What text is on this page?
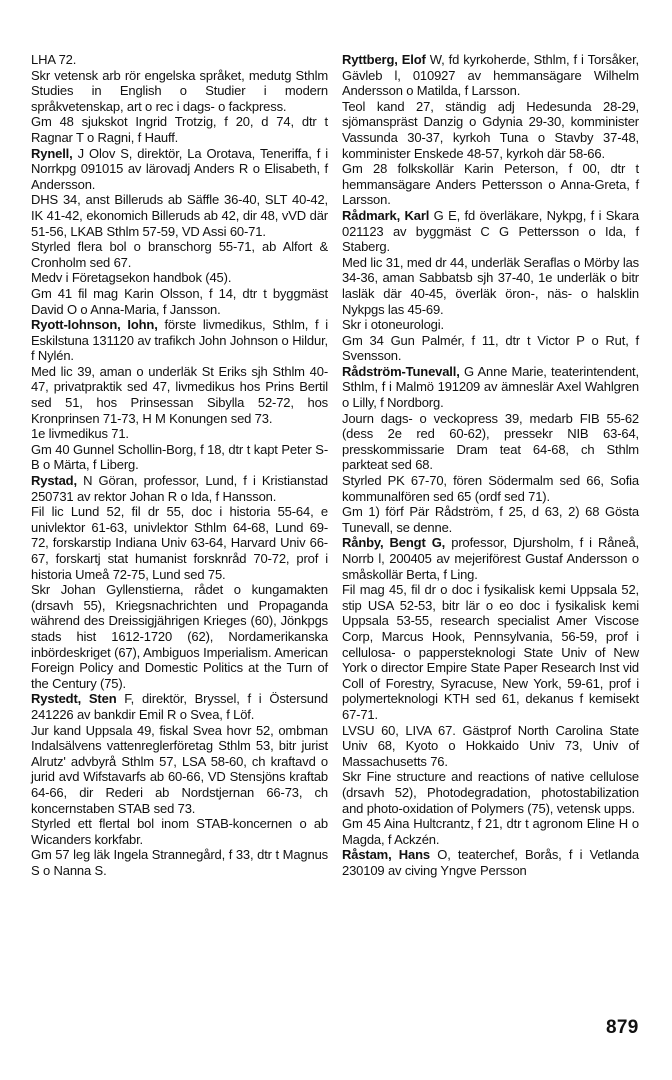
LHA 72.

Skr vetensk arb rör engelska språket, medutg Sthlm Studies in English o Studier i modern språkvetenskap, art o rec i dags- o fackpress.

Gm 48 sjukskot Ingrid Trotzig, f 20, d 74, dtr t Ragnar T o Ragni, f Hauff.

Rynell, J Olov S, direktör, La Orotava, Teneriffa, f i Norrkpg 091015 av lärovadj Anders R o Elisabeth, f Andersson.

DHS 34, anst Billeruds ab Säffle 36-40, SLT 40-42, IK 41-42, ekonomich Billeruds ab 42, dir 48, vVD där 51-56, LKAB Sthlm 57-59, VD Assi 60-71.

Styrled flera bol o branschorg 55-71, ab Alfort & Cronholm sed 67.

Medv i Företagsekon handbok (45).

Gm 41 fil mag Karin Olsson, f 14, dtr t byggmäst David O o Anna-Maria, f Jansson.

Ryott-Iohnson, Iohn, förste livmedikus, Sthlm, f i Eskilstuna 131120 av trafikch John Johnson o Hildur, f Nylén.

Med lic 39, aman o underläk St Eriks sjh Sthlm 40-47, privatpraktik sed 47, livmedikus hos Prins Bertil sed 51, hos Prinsessan Sibylla 52-72, hos Kronprinsen 71-73, H M Konungen sed 73.

1e livmedikus 71.

Gm 40 Gunnel Schollin-Borg, f 18, dtr t kapt Peter S-B o Märta, f Liberg.

Rystad, N Göran, professor, Lund, f i Kristianstad 250731 av rektor Johan R o Ida, f Hansson.

Fil lic Lund 52, fil dr 55, doc i historia 55-64, e univlektor 61-63, univlektor Sthlm 64-68, Lund 69-72, forskarstip Indiana Univ 63-64, Harvard Univ 66-67, forskartj stat humanist forsknråd 70-72, prof i historia Umeå 72-75, Lund sed 75.

Skr Johan Gyllenstierna, rådet o kungamakten (drsavh 55), Kriegsnachrichten und Propaganda während des Dreissigjährigen Krieges (60), Jönkpgs stads hist 1612-1720 (62), Nordamerikanska inbördeskriget (67), Ambiguos Imperialism. American Foreign Policy and Domestic Politics at the Turn of the Century (75).

Rystedt, Sten F, direktör, Bryssel, f i Östersund 241226 av bankdir Emil R o Svea, f Löf.

Jur kand Uppsala 49, fiskal Svea hovr 52, ombman Indalsälvens vattenreglerföretag Sthlm 53, bitr jurist Alrutz' advbyrå Sthlm 57, LSA 58-60, ch kraftavd o jurid avd Wifstavarfs ab 60-66, VD Stensjöns kraftab 64-66, dir Rederi ab Nordstjernan 66-73, ch koncernstaben STAB sed 73.

Styrled ett flertal bol inom STAB-koncernen o ab Wicanders korkfabr.

Gm 57 leg läk Ingela Strannegård, f 33, dtr t Magnus S o Nanna S.

Ryttberg, Elof W, fd kyrkoherde, Sthlm, f i Torsåker, Gävleb l, 010927 av hemmansägare Wilhelm Andersson o Matilda, f Larsson.

Teol kand 27, ständig adj Hedesunda 28-29, sjömanspräst Danzig o Gdynia 29-30, komminister Vassunda 30-37, kyrkoh Tuna o Stavby 37-48, komminister Enskede 48-57, kyrkoh där 58-66.

Gm 28 folkskollär Karin Peterson, f 00, dtr t hemmansägare Anders Pettersson o Anna-Greta, f Larsson.

Rådmark, Karl G E, fd överläkare, Nykpg, f i Skara 021123 av byggmäst C G Pettersson o Ida, f Staberg.

Med lic 31, med dr 44, underläk Seraflas o Mörby las 34-36, aman Sabbatsb sjh 37-40, 1e underläk o bitr lasläk där 40-45, överläk öron-, näs- o halsklin Nykpgs las 45-69.

Skr i otoneurologi.

Gm 34 Gun Palmér, f 11, dtr t Victor P o Rut, f Svensson.

Rådström-Tunevall, G Anne Marie, teaterintendent, Sthlm, f i Malmö 191209 av ämneslär Axel Wahlgren o Lilly, f Nordborg.

Journ dags- o veckopress 39, medarb FIB 55-62 (dess 2e red 60-62), pressekr NIB 63-64, presskommissarie Dram teat 64-68, ch Sthlm parkteat sed 68.

Styrled PK 67-70, fören Södermalm sed 66, Sofia kommunalfören sed 65 (ordf sed 71).

Gm 1) förf Pär Rådström, f 25, d 63, 2) 68 Gösta Tunevall, se denne.

Rånby, Bengt G, professor, Djursholm, f i Råneå, Norrb l, 200405 av mejeriförest Gustaf Andersson o småskollär Berta, f Ling.

Fil mag 45, fil dr o doc i fysikalisk kemi Uppsala 52, stip USA 52-53, bitr lär o eo doc i fysikalisk kemi Uppsala 53-55, research specialist Amer Viscose Corp, Marcus Hook, Pennsylvania, 56-59, prof i cellulosa- o pappersteknologi State Univ of New York o director Empire State Paper Research Inst vid Coll of Forestry, Syracuse, New York, 59-61, prof i polymerteknologi KTH sed 61, dekanus f kemisekt 67-71.

LVSU 60, LIVA 67. Gästprof North Carolina State Univ 68, Kyoto o Hokkaido Univ 73, Univ of Massachusetts 76.

Skr Fine structure and reactions of native cellulose (drsavh 52), Photodegradation, photostabilization and photo-oxidation of Polymers (75), vetensk upps.

Gm 45 Aina Hultcrantz, f 21, dtr t agronom Eline H o Magda, f Ackzén.

Råstam, Hans O, teaterchef, Borås, f i Vetlanda 230109 av civing Yngve Persson

879
